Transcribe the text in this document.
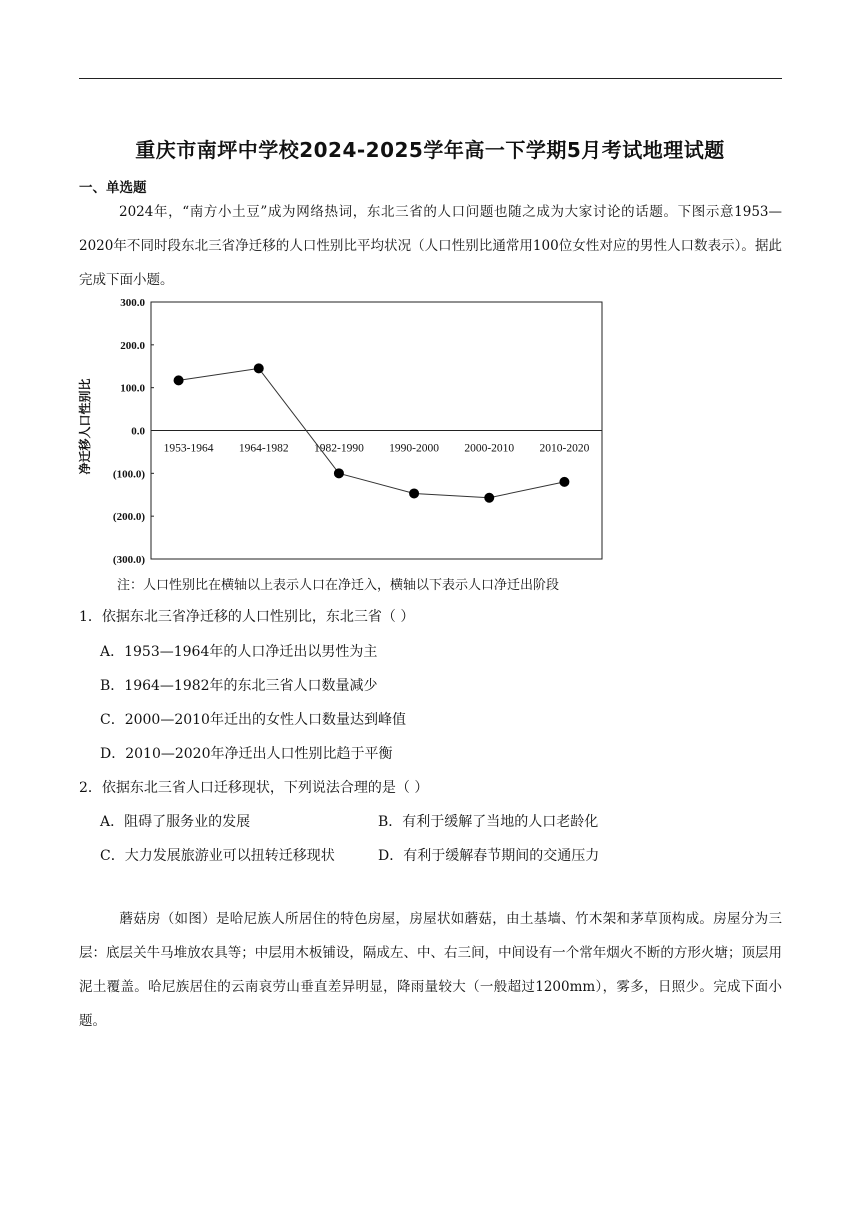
重庆市南坪中学校2024-2025学年高一下学期5月考试地理试题
一、单选题
2024年，“南方小土豆”成为网络热词，东北三省的人口问题也随之成为大家讨论的话题。下图示意1953—2020年不同时段东北三省净迁移的人口性别比平均状况（人口性别比通常用100位女性对应的男性人口数表示）。据此完成下面小题。
300.0
200.0
100.0
0.0
(100.0)
(200.0)
(300.0)
1953-1964 1964-1982 1982-1990 1990-2000 2000-2010 2010-2020
净迁移人口性别比
注：人口性别比在横轴以上表示人口在净迁入，横轴以下表示人口净迁出阶段
1．依据东北三省净迁移的人口性别比，东北三省（ ）
A．1953—1964年的人口净迁出以男性为主
B．1964—1982年的东北三省人口数量减少
C．2000—2010年迁出的女性人口数量达到峰值
D．2010—2020年净迁出人口性别比趋于平衡
2．依据东北三省人口迁移现状，下列说法合理的是（ ）
A．阻碍了服务业的发展	B．有利于缓解了当地的人口老龄化
C．大力发展旅游业可以扭转迁移现状	D．有利于缓解春节期间的交通压力
蘑菇房（如图）是哈尼族人所居住的特色房屋，房屋状如蘑菇，由土基墙、竹木架和茅草顶构成。房屋分为三层：底层关牛马堆放农具等；中层用木板铺设，隔成左、中、右三间，中间设有一个常年烟火不断的方形火塘；顶层用泥土覆盖。哈尼族居住的云南哀劳山垂直差异明显，降雨量较大（一般超过1200mm），雾多，日照少。完成下面小题。
